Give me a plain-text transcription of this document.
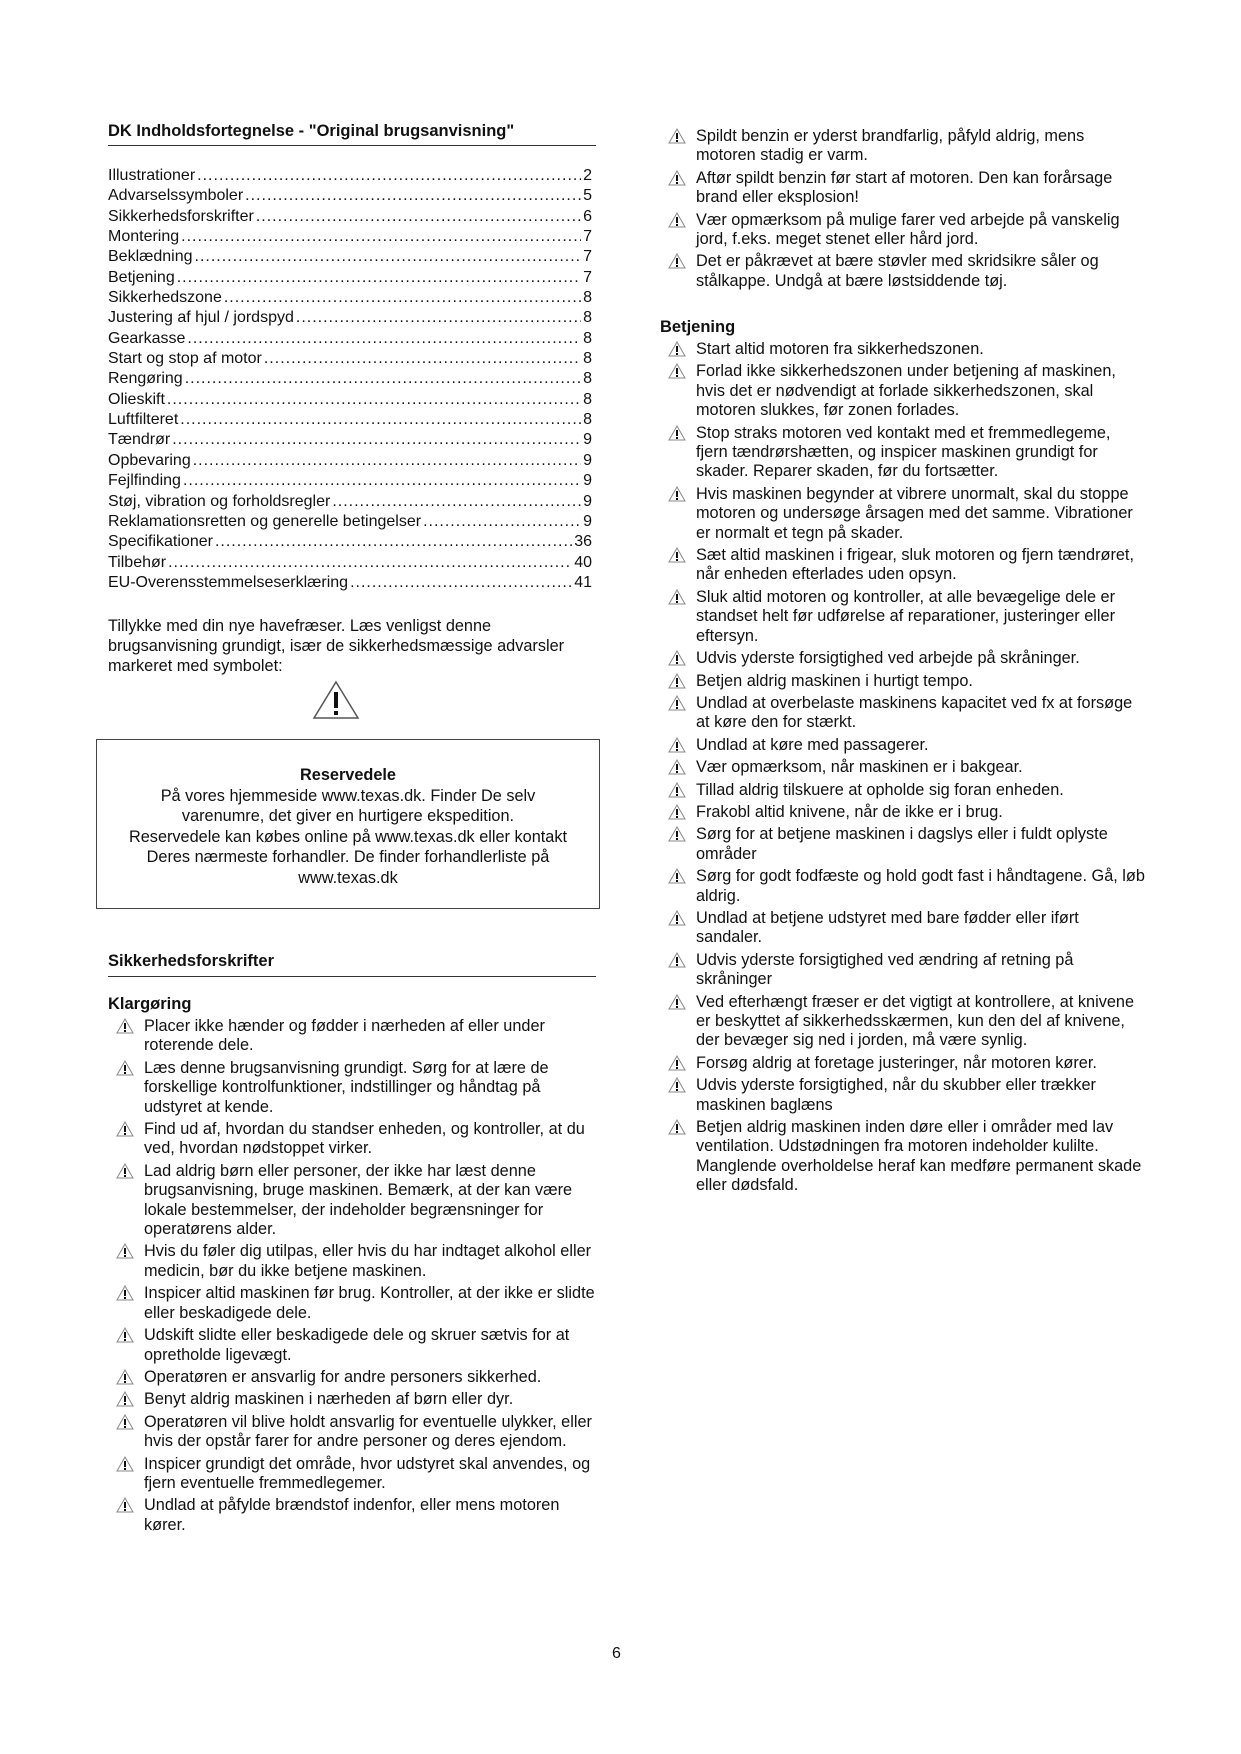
DK Indholdsfortegnelse - "Original brugsanvisning"
Illustrationer .....	2
Advarselssymboler .....	5
Sikkerhedsforskrifter .....	6
Montering .....	7
Beklædning .....	7
Betjening .....	7
Sikkerhedszone .....	8
Justering af hjul / jordspyd .....	8
Gearkasse .....	8
Start og stop af motor .....	8
Rengøring .....	8
Olieskift .....	8
Luftfilteret .....	8
Tændrør .....	9
Opbevaring .....	9
Fejlfinding .....	9
Støj, vibration og forholdsregler .....	9
Reklamationsretten og generelle betingelser .....	9
Specifikationer .....	36
Tilbehør .....	40
EU-Overensstemmelseserklæring .....	41
Tillykke med din nye havefræser. Læs venligst denne brugsanvisning grundigt, især de sikkerhedsmæssige advarsler markeret med symbolet:
Reservedele
På vores hjemmeside www.texas.dk. Finder De selv
varenumre, det giver en hurtigere ekspedition.
Reservedele kan købes online på www.texas.dk eller kontakt
Deres nærmeste forhandler. De finder forhandlerliste på
www.texas.dk
Sikkerhedsforskrifter
Klargøring
Placer ikke hænder og fødder i nærheden af eller under roterende dele.
Læs denne brugsanvisning grundigt. Sørg for at lære de forskellige kontrolfunktioner, indstillinger og håndtag på udstyret at kende.
Find ud af, hvordan du standser enheden, og kontroller, at du ved, hvordan nødstoppet virker.
Lad aldrig børn eller personer, der ikke har læst denne brugsanvisning, bruge maskinen. Bemærk, at der kan være lokale bestemmelser, der indeholder begrænsninger for operatørens alder.
Hvis du føler dig utilpas, eller hvis du har indtaget alkohol eller medicin, bør du ikke betjene maskinen.
Inspicer altid maskinen før brug. Kontroller, at der ikke er slidte eller beskadigede dele.
Udskift slidte eller beskadigede dele og skruer sætvis for at opretholde ligevægt.
Operatøren er ansvarlig for andre personers sikkerhed.
Benyt aldrig maskinen i nærheden af børn eller dyr.
Operatøren vil blive holdt ansvarlig for eventuelle ulykker, eller hvis der opstår farer for andre personer og deres ejendom.
Inspicer grundigt det område, hvor udstyret skal anvendes, og fjern eventuelle fremmedlegemer.
Undlad at påfylde brændstof indenfor, eller mens motoren kører.
Spildt benzin er yderst brandfarlig, påfyld aldrig, mens motoren stadig er varm.
Aftør spildt benzin før start af motoren. Den kan forårsage brand eller eksplosion!
Vær opmærksom på mulige farer ved arbejde på vanskelig jord, f.eks. meget stenet eller hård jord.
Det er påkrævet at bære støvler med skridsikre såler og stålkappe. Undgå at bære løstsiddende tøj.
Betjening
Start altid motoren fra sikkerhedszonen.
Forlad ikke sikkerhedszonen under betjening af maskinen, hvis det er nødvendigt at forlade sikkerhedszonen, skal motoren slukkes, før zonen forlades.
Stop straks motoren ved kontakt med et fremmedlegeme, fjern tændrørshætten, og inspicer maskinen grundigt for skader. Reparer skaden, før du fortsætter.
Hvis maskinen begynder at vibrere unormalt, skal du stoppe motoren og undersøge årsagen med det samme. Vibrationer er normalt et tegn på skader.
Sæt altid maskinen i frigear, sluk motoren og fjern tændrøret, når enheden efterlades uden opsyn.
Sluk altid motoren og kontroller, at alle bevægelige dele er standset helt før udførelse af reparationer, justeringer eller eftersyn.
Udvis yderste forsigtighed ved arbejde på skråninger.
Betjen aldrig maskinen i hurtigt tempo.
Undlad at overbelaste maskinens kapacitet ved fx at forsøge at køre den for stærkt.
Undlad at køre med passagerer.
Vær opmærksom, når maskinen er i bakgear.
Tillad aldrig tilskuere at opholde sig foran enheden.
Frakobl altid knivene, når de ikke er i brug.
Sørg for at betjene maskinen i dagslys eller i fuldt oplyste områder
Sørg for godt fodfæste og hold godt fast i håndtagene. Gå, løb aldrig.
Undlad at betjene udstyret med bare fødder eller iført sandaler.
Udvis yderste forsigtighed ved ændring af retning på skråninger
Ved efterhængt fræser er det vigtigt at kontrollere, at knivene er beskyttet af sikkerhedsskærmen, kun den del af knivene, der bevæger sig ned i jorden, må være synlig.
Forsøg aldrig at foretage justeringer, når motoren kører.
Udvis yderste forsigtighed, når du skubber eller trækker maskinen baglæns
Betjen aldrig maskinen inden døre eller i områder med lav ventilation. Udstødningen fra motoren indeholder kulilte. Manglende overholdelse heraf kan medføre permanent skade eller dødsfald.
6
